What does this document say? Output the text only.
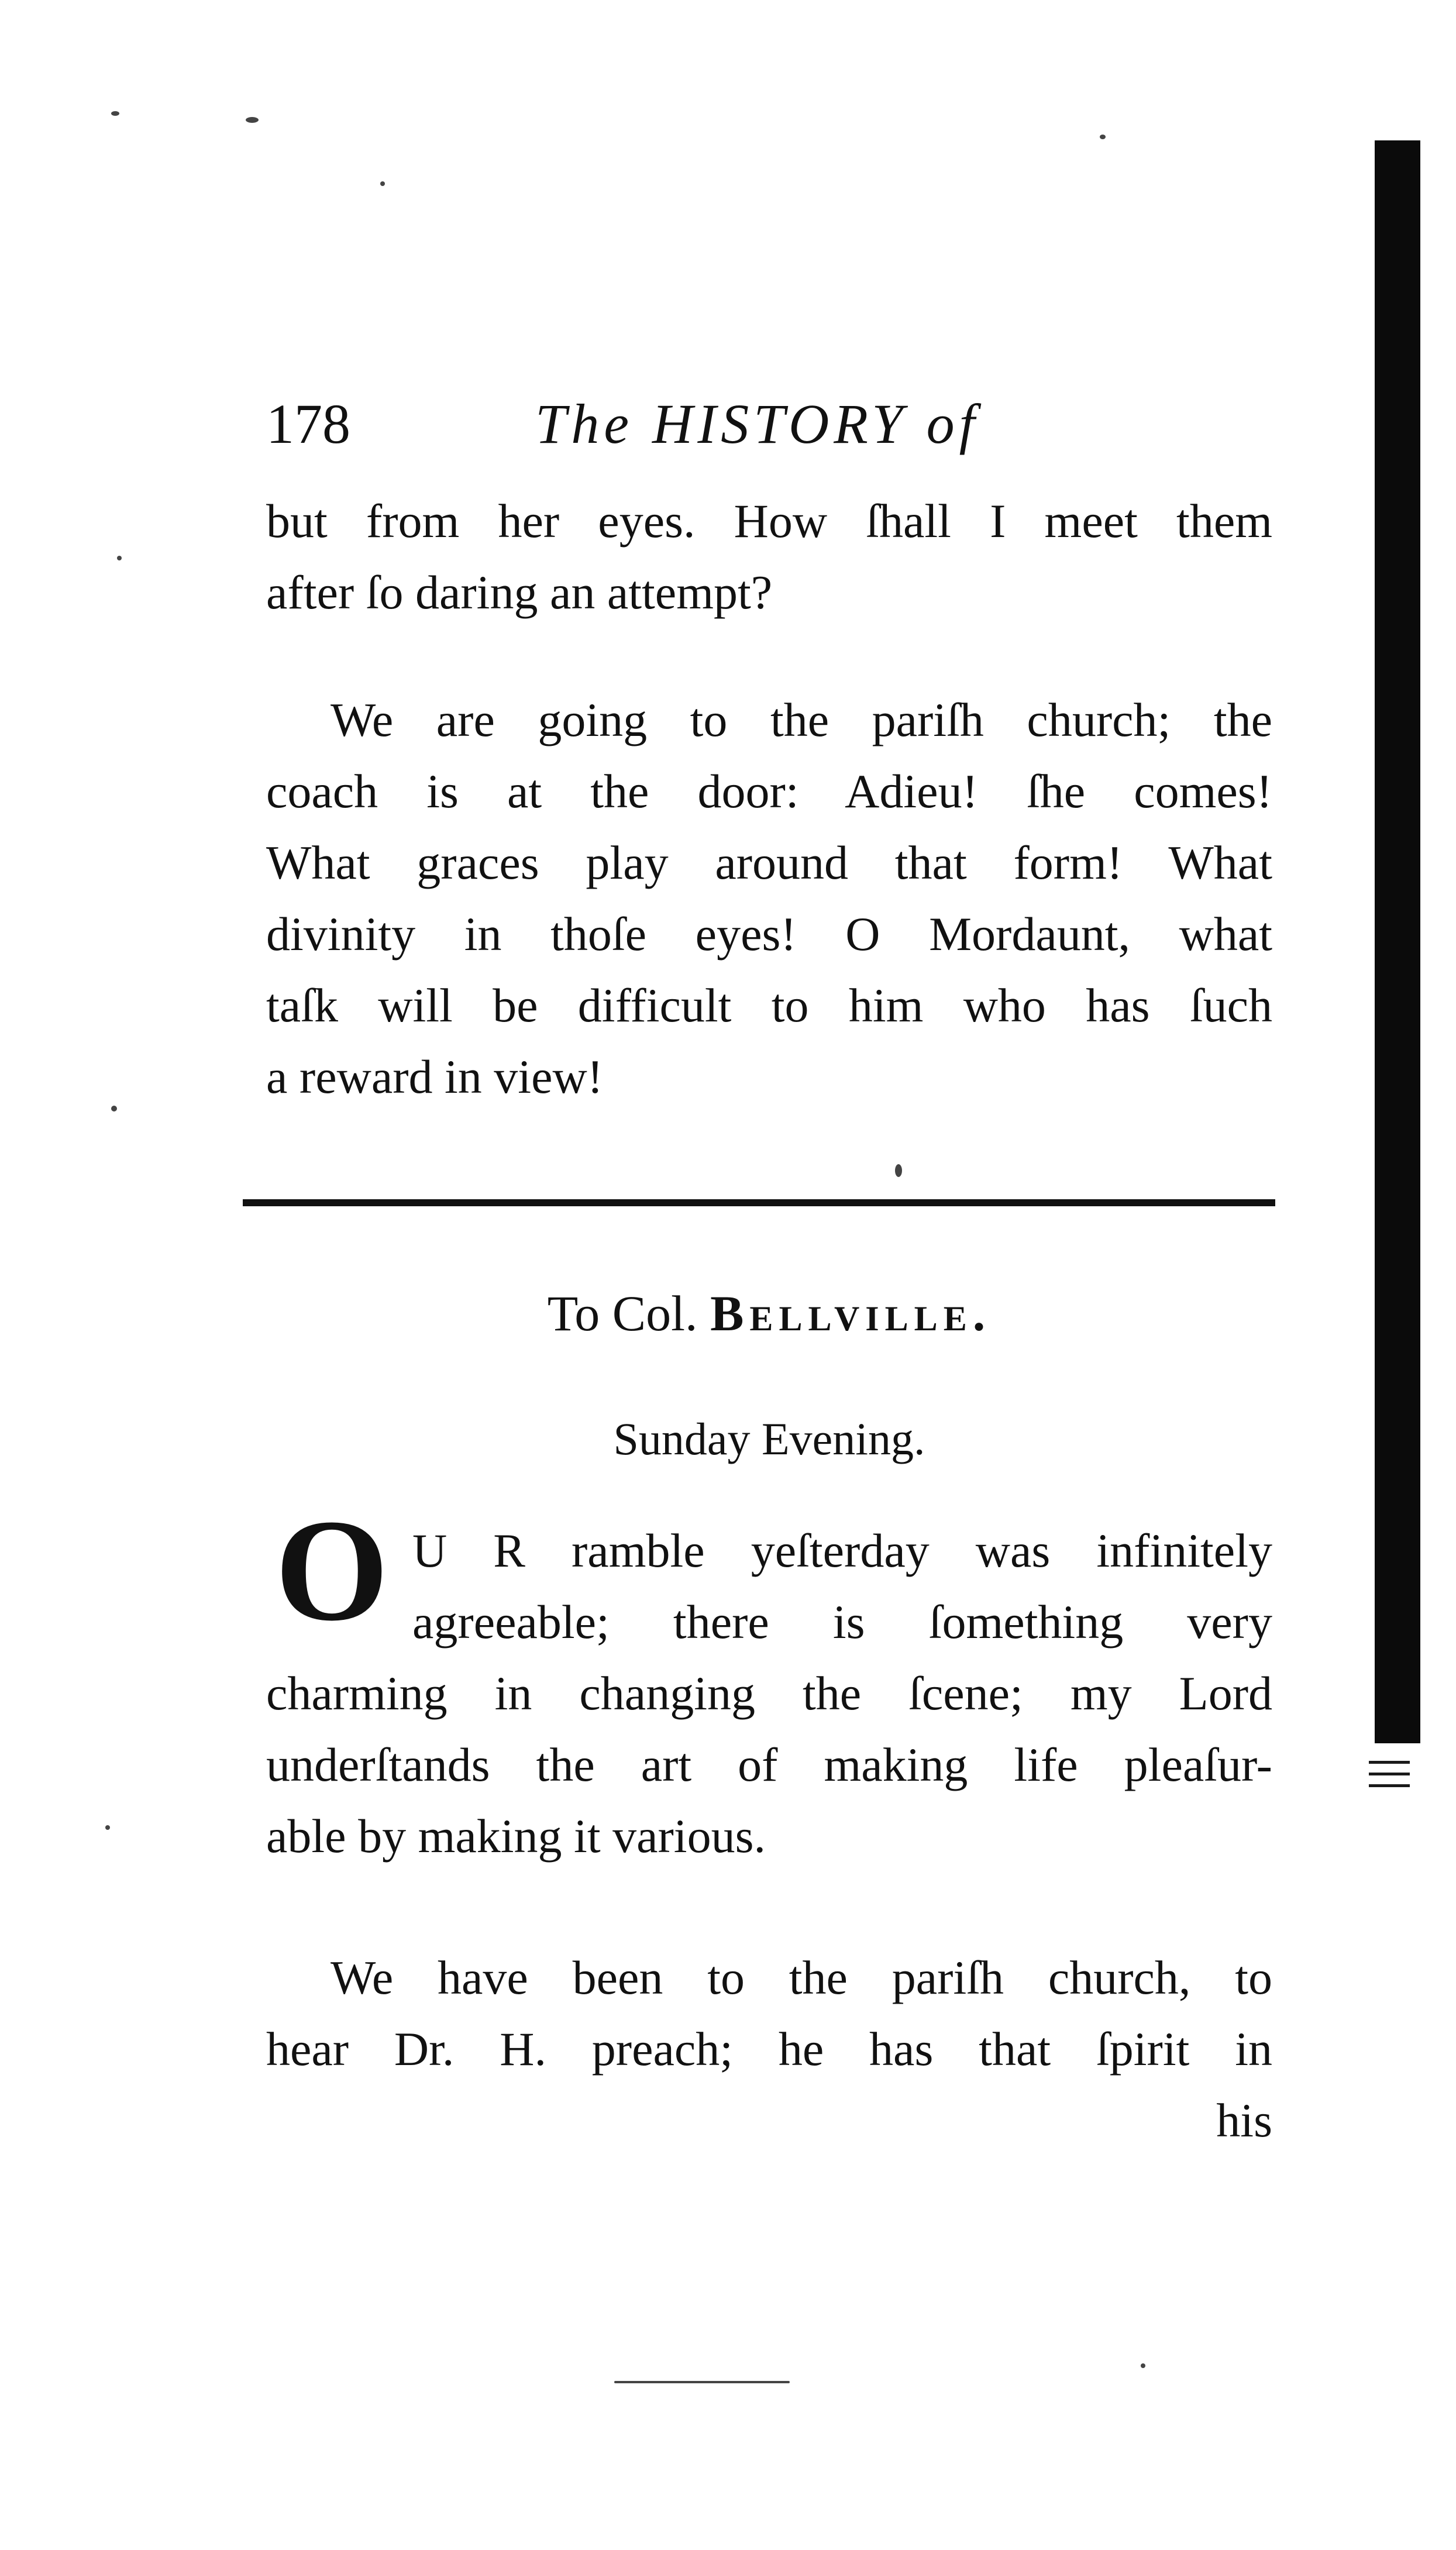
178	The HISTORY of
but from her eyes. How ſhall I meet them
after ſo daring an attempt?
We are going to the pariſh church; the
coach is at the door: Adieu! ſhe comes!
What graces play around that form! What
divinity in thoſe eyes! O Mordaunt, what
taſk will be difficult to him who has ſuch
a reward in view!
To Col. Bellville.
Sunday Evening.
O U R ramble yeſterday was infinitely
agreeable; there is ſomething very
charming in changing the ſcene; my Lord
underſtands the art of making life pleaſur-
able by making it various.
We have been to the pariſh church, to
hear Dr. H. preach; he has that ſpirit in
his
